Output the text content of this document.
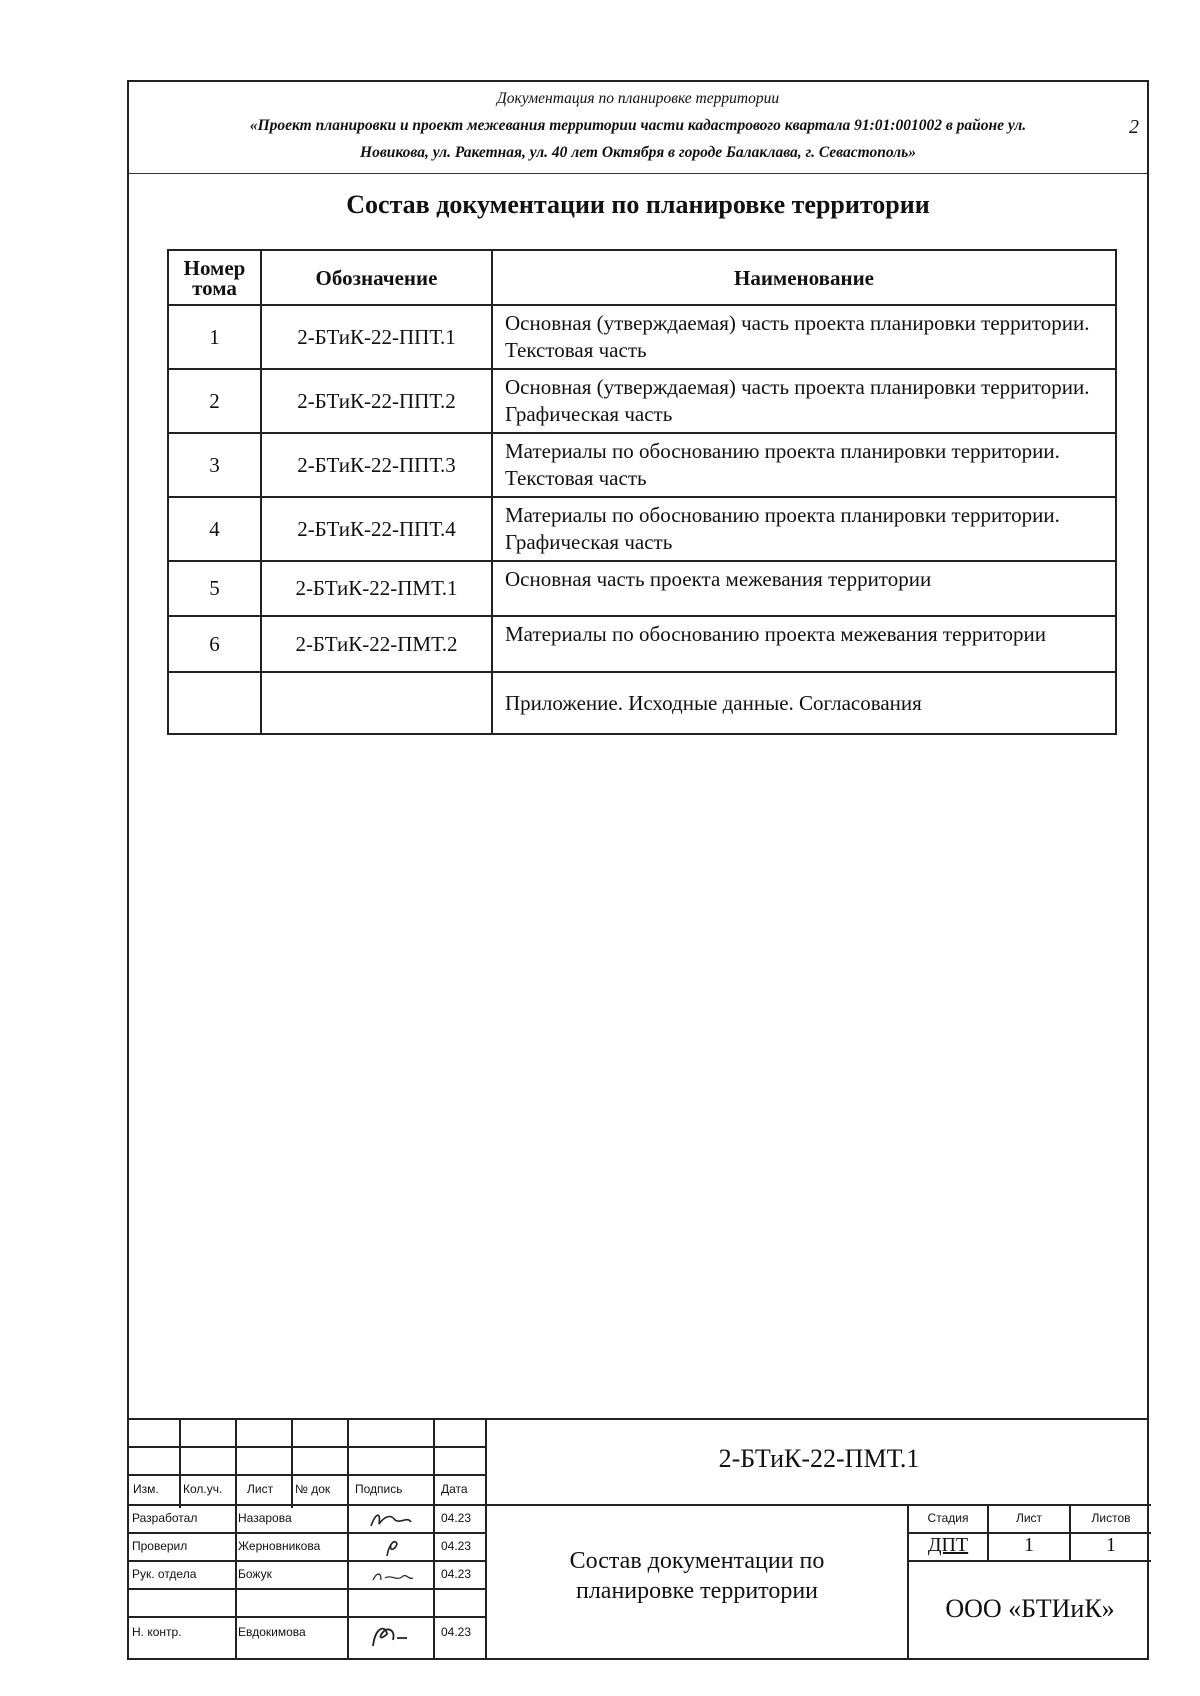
Документация по планировке территории
«Проект планировки и проект межевания территории части кадастрового квартала 91:01:001002 в районе ул.
Новикова, ул. Ракетная, ул. 40 лет Октября в городе Балаклава, г. Севастополь»
2
Состав документации по планировке территории
Номер тома	Обозначение	Наименование
1	2-БТиК-22-ППТ.1	Основная (утверждаемая) часть проекта планировки территории. Текстовая часть
2	2-БТиК-22-ППТ.2	Основная (утверждаемая) часть проекта планировки территории. Графическая часть
3	2-БТиК-22-ППТ.3	Материалы по обоснованию проекта планировки территории. Текстовая часть
4	2-БТиК-22-ППТ.4	Материалы по обоснованию проекта планировки территории. Графическая часть
5	2-БТиК-22-ПМТ.1	Основная часть проекта межевания территории
6	2-БТиК-22-ПМТ.2	Материалы по обоснованию проекта межевания территории
		Приложение. Исходные данные. Согласования
Изм. Кол.уч. Лист № док Подпись	Дата
Разработал	Назарова	04.23
Проверил	Жерновникова	04.23
Рук. отдела	Божук	04.23
Н. контр.	Евдокимова	04.23
2-БТиК-22-ПМТ.1
Состав документации по
планировке территории
ООО «БТИиК»
Стадия	Лист	Листов
ДПТ	1	1
